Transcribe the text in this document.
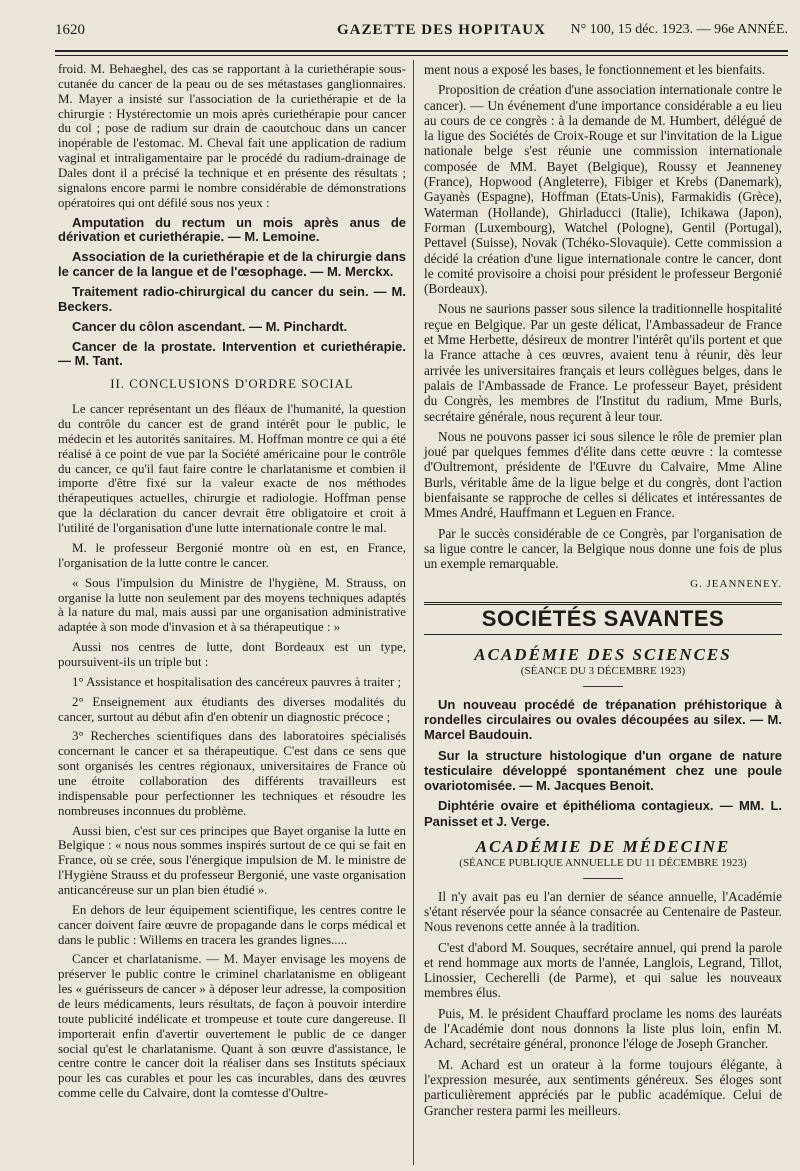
1620	GAZETTE DES HOPITAUX N° 100, 15 déc. 1923. — 96e ANNÉE.

froid. M. Behaeghel, des cas se rapportant à la curiethérapie sous-cutanée du cancer de la peau ou de ses métastases ganglionnaires. M. Mayer a insisté sur l'association de la curiethérapie et de la chirurgie : Hystérectomie un mois après curiethérapie pour cancer du col ; pose de radium sur drain de caoutchouc dans un cancer inopérable de l'estomac. M. Cheval fait une application de radium vaginal et intraligamentaire par le procédé du radium-drainage de Dales dont il a précisé la technique et en présente des résultats ; signalons encore parmi le nombre considérable de démonstrations opératoires qui ont défilé sous nos yeux :

Amputation du rectum un mois après anus de dérivation et curiethérapie. — M. Lemoine.

Association de la curiethérapie et de la chirurgie dans le cancer de la langue et de l'œsophage. — M. Merckx.

Traitement radio-chirurgical du cancer du sein. — M. Beckers.

Cancer du côlon ascendant. — M. Pinchardt.

Cancer de la prostate. Intervention et curiethérapie. — M. Tant.

II. CONCLUSIONS D'ORDRE SOCIAL

Le cancer représentant un des fléaux de l'humanité, la question du contrôle du cancer est de grand intérêt pour le public, le médecin et les autorités sanitaires. M. Hoffman montre ce qui a été réalisé à ce point de vue par la Société américaine pour le contrôle du cancer, ce qu'il faut faire contre le charlatanisme et combien il importe d'être fixé sur la valeur exacte de nos méthodes thérapeutiques actuelles, chirurgie et radiologie. Hoffman pense que la déclaration du cancer devrait être obligatoire et croit à l'utilité de l'organisation d'une lutte internationale contre le mal.

M. le professeur Bergonié montre où en est, en France, l'organisation de la lutte contre le cancer.

« Sous l'impulsion du Ministre de l'hygiène, M. Strauss, on organise la lutte non seulement par des moyens techniques adaptés à la nature du mal, mais aussi par une organisation administrative adaptée à son mode d'invasion et à sa thérapeutique : »

Aussi nos centres de lutte, dont Bordeaux est un type, poursuivent-ils un triple but :

1° Assistance et hospitalisation des cancéreux pauvres à traiter ;

2° Enseignement aux étudiants des diverses modalités du cancer, surtout au début afin d'en obtenir un diagnostic précoce ;

3° Recherches scientifiques dans des laboratoires spécialisés concernant le cancer et sa thérapeutique. C'est dans ce sens que sont organisés les centres régionaux, universitaires de France où une étroite collaboration des différents travailleurs est indispensable pour perfectionner les techniques et résoudre les nombreuses inconnues du problème.

Aussi bien, c'est sur ces principes que Bayet organise la lutte en Belgique : « nous nous sommes inspirés surtout de ce qui se fait en France, où se crée, sous l'énergique impulsion de M. le ministre de l'Hygiène Strauss et du professeur Bergonié, une vaste organisation anticancéreuse sur un plan bien étudié ».

En dehors de leur équipement scientifique, les centres contre le cancer doivent faire œuvre de propagande dans le corps médical et dans le public : Willems en tracera les grandes lignes.....

Cancer et charlatanisme. — M. Mayer envisage les moyens de préserver le public contre le criminel charlatanisme en obligeant les « guérisseurs de cancer » à déposer leur adresse, la composition de leurs médicaments, leurs résultats, de façon à pouvoir interdire toute publicité indélicate et trompeuse et toute cure dangereuse. Il importerait enfin d'avertir ouvertement le public de ce danger social qu'est le charlatanisme. Quant à son œuvre d'assistance, le centre contre le cancer doit la réaliser dans ses Instituts spéciaux pour les cas curables et pour les cas incurables, dans des œuvres comme celle du Calvaire, dont la comtesse d'Oultre-

ment nous a exposé les bases, le fonctionnement et les bienfaits.

Proposition de création d'une association internationale contre le cancer). — Un événement d'une importance considérable a eu lieu au cours de ce congrès : à la demande de M. Humbert, délégué de la ligue des Sociétés de Croix-Rouge et sur l'invitation de la Ligue nationale belge s'est réunie une commission internationale composée de MM. Bayet (Belgique), Roussy et Jeanneney (France), Hopwood (Angleterre), Fibiger et Krebs (Danemark), Gayanès (Espagne), Hoffman (Etats-Unis), Farmakidis (Grèce), Waterman (Hollande), Ghirladucci (Italie), Ichikawa (Japon), Forman (Luxembourg), Watchel (Pologne), Gentil (Portugal), Pettavel (Suisse), Novak (Tchéko-Slovaquie). Cette commission a décidé la création d'une ligue internationale contre le cancer, dont le comité provisoire a choisi pour président le professeur Bergonié (Bordeaux).

Nous ne saurions passer sous silence la traditionnelle hospitalité reçue en Belgique. Par un geste délicat, l'Ambassadeur de France et Mme Herbette, désireux de montrer l'intérêt qu'ils portent et que la France attache à ces œuvres, avaient tenu à réunir, dès leur arrivée les universitaires français et leurs collègues belges, dans le palais de l'Ambassade de France. Le professeur Bayet, président du Congrès, les membres de l'Institut du radium, Mme Burls, secrétaire générale, nous reçurent à leur tour.

Nous ne pouvons passer ici sous silence le rôle de premier plan joué par quelques femmes d'élite dans cette œuvre : la comtesse d'Oultremont, présidente de l'Œuvre du Calvaire, Mme Aline Burls, véritable âme de la ligue belge et du congrès, dont l'action bienfaisante se rapproche de celles si délicates et intéressantes de Mmes André, Hauffmann et Leguen en France.

Par le succès considérable de ce Congrès, par l'organisation de sa ligue contre le cancer, la Belgique nous donne une fois de plus un exemple remarquable.

G. JEANNENEY.
SOCIÉTÉS SAVANTES
ACADÉMIE DES SCIENCES
(SÉANCE DU 3 DÉCEMBRE 1923)

Un nouveau procédé de trépanation préhistorique à rondelles circulaires ou ovales découpées au silex. — M. Marcel Baudouin.

Sur la structure histologique d'un organe de nature testiculaire développé spontanément chez une poule ovariotomisée. — M. Jacques Benoit.

Diphtérie ovaire et épithélioma contagieux. — MM. L. Panisset et J. Verge.

ACADÉMIE DE MÉDECINE
(SÉANCE PUBLIQUE ANNUELLE DU 11 DÉCEMBRE 1923)

Il n'y avait pas eu l'an dernier de séance annuelle, l'Académie s'étant réservée pour la séance consacrée au Centenaire de Pasteur. Nous revenons cette année à la tradition.

C'est d'abord M. Souques, secrétaire annuel, qui prend la parole et rend hommage aux morts de l'année, Langlois, Legrand, Tillot, Linossier, Cecherelli (de Parme), et qui salue les nouveaux membres élus.

Puis, M. le président Chauffard proclame les noms des lauréats de l'Académie dont nous donnons la liste plus loin, enfin M. Achard, secrétaire général, prononce l'éloge de Joseph Grancher.

M. Achard est un orateur à la forme toujours élégante, à l'expression mesurée, aux sentiments généreux. Ses éloges sont particulièrement appréciés par le public académique. Celui de Grancher restera parmi les meilleurs.
